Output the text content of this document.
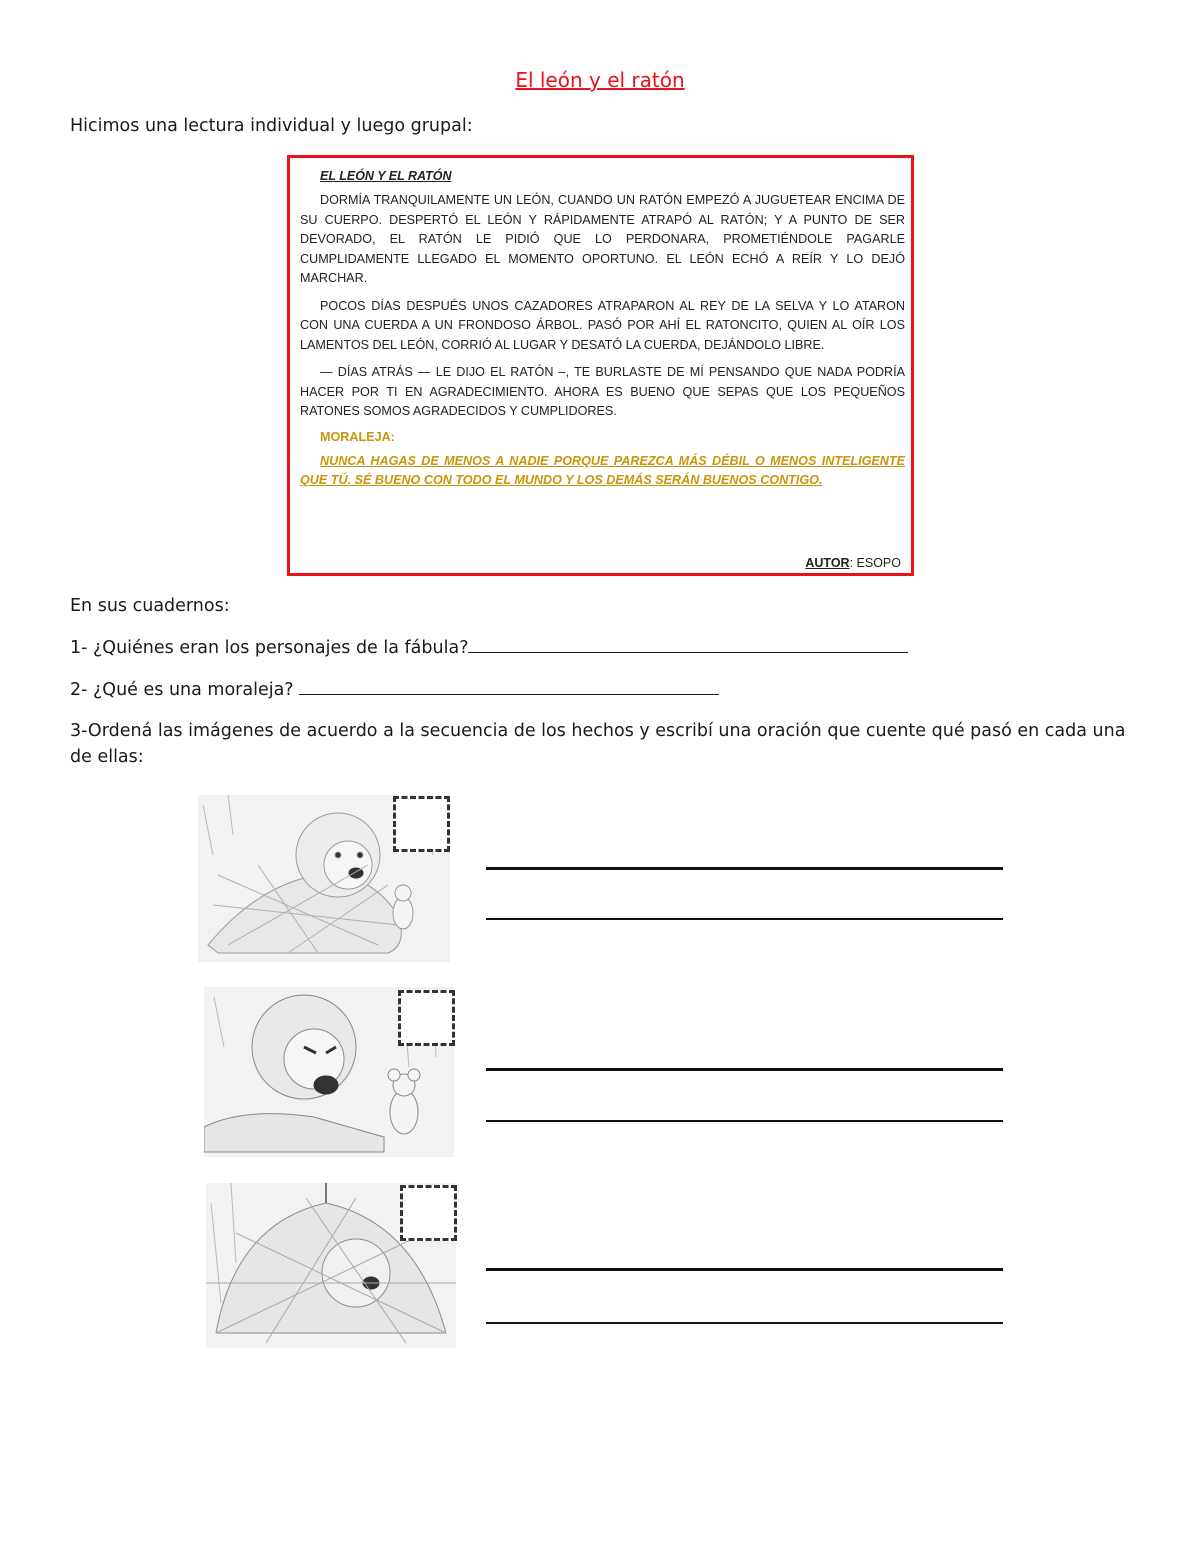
El león y el ratón
Hicimos una lectura individual y luego grupal:
EL LEÓN Y EL RATÓN

DORMÍA TRANQUILAMENTE UN LEÓN, CUANDO UN RATÓN EMPEZÓ A JUGUETEAR ENCIMA DE SU CUERPO. DESPERTÓ EL LEÓN Y RÁPIDAMENTE ATRAPÓ AL RATÓN; Y A PUNTO DE SER DEVORADO, EL RATÓN LE PIDIÓ QUE LO PERDONARA, PROMETIÉNDOLE PAGARLE CUMPLIDAMENTE LLEGADO EL MOMENTO OPORTUNO. EL LEÓN ECHÓ A REÍR Y LO DEJÓ MARCHAR.

POCOS DÍAS DESPUÉS UNOS CAZADORES ATRAPARON AL REY DE LA SELVA Y LO ATARON CON UNA CUERDA A UN FRONDOSO ÁRBOL. PASÓ POR AHÍ EL RATONCITO, QUIEN AL OÍR LOS LAMENTOS DEL LEÓN, CORRIÓ AL LUGAR Y DESATÓ LA CUERDA, DEJÁNDOLO LIBRE.

— DÍAS ATRÁS — LE DIJO EL RATÓN –, TE BURLASTE DE MÍ PENSANDO QUE NADA PODRÍA HACER POR TI EN AGRADECIMIENTO. AHORA ES BUENO QUE SEPAS QUE LOS PEQUEÑOS RATONES SOMOS AGRADECIDOS Y CUMPLIDORES.

MORALEJA:

NUNCA HAGAS DE MENOS A NADIE PORQUE PAREZCA MÁS DÉBIL O MENOS INTELIGENTE QUE TÚ. SÉ BUENO CON TODO EL MUNDO Y LOS DEMÁS SERÁN BUENOS CONTIGO.

AUTOR: ESOPO
En sus cuadernos:
1- ¿Quiénes eran los personajes de la fábula?
2- ¿Qué es una moraleja?
3-Ordená las imágenes de acuerdo a la secuencia de los hechos y escribí una oración que cuente qué pasó en cada una de ellas:
